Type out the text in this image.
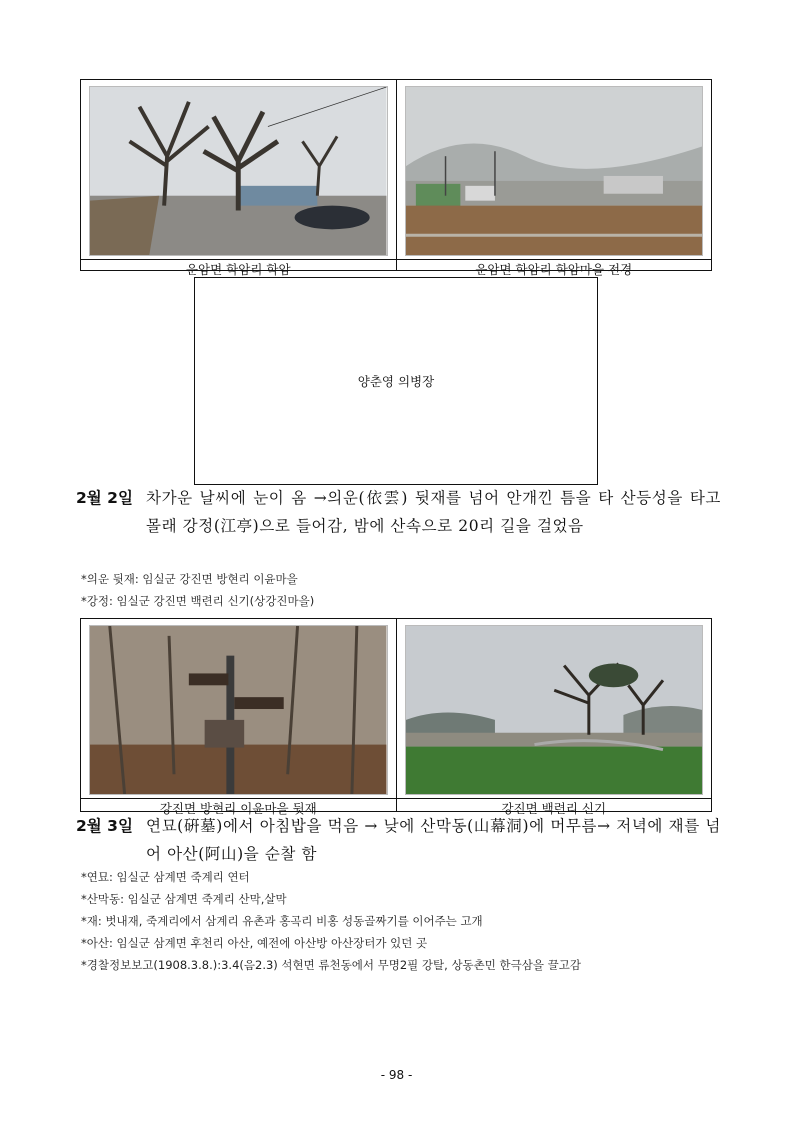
운암면 학암리 학암	운암면 학암리 학암마을 전경
양춘영 의병장
2월 2일 차가운 날씨에 눈이 옴 →의운(依雲) 뒷재를 넘어 안개낀 틈을 타 산등성을 타고 몰래 강정(江亭)으로 들어감, 밤에 산속으로 20리 길을 걸었음
*의운 뒷재: 임실군 강진면 방현리 이윤마을
*강정: 임실군 강진면 백련리 신기(상강진마을)
강진면 방현리 이윤마을 뒷재	강진면 백련리 신기
2월 3일 연묘(硏墓)에서 아침밥을 먹음 → 낮에 산막동(山幕洞)에 머무름→ 저녁에 재를 넘어 아산(阿山)을 순찰 함
*연묘: 임실군 삼계면 죽계리 연터
*산막동: 임실군 삼계면 죽계리 산막,살막
*재: 벗내재, 죽계리에서 삼계리 유촌과 홍곡리 비홍 성동골짜기를 이어주는 고개
*아산: 임실군 삼계면 후천리 아산, 예전에 아산방 아산장터가 있던 곳
*경찰정보보고(1908.3.8.):3.4(음2.3) 석현면 류천동에서 무명2필 강탈, 상동촌민 한극삼을 끌고감
- 98 -
